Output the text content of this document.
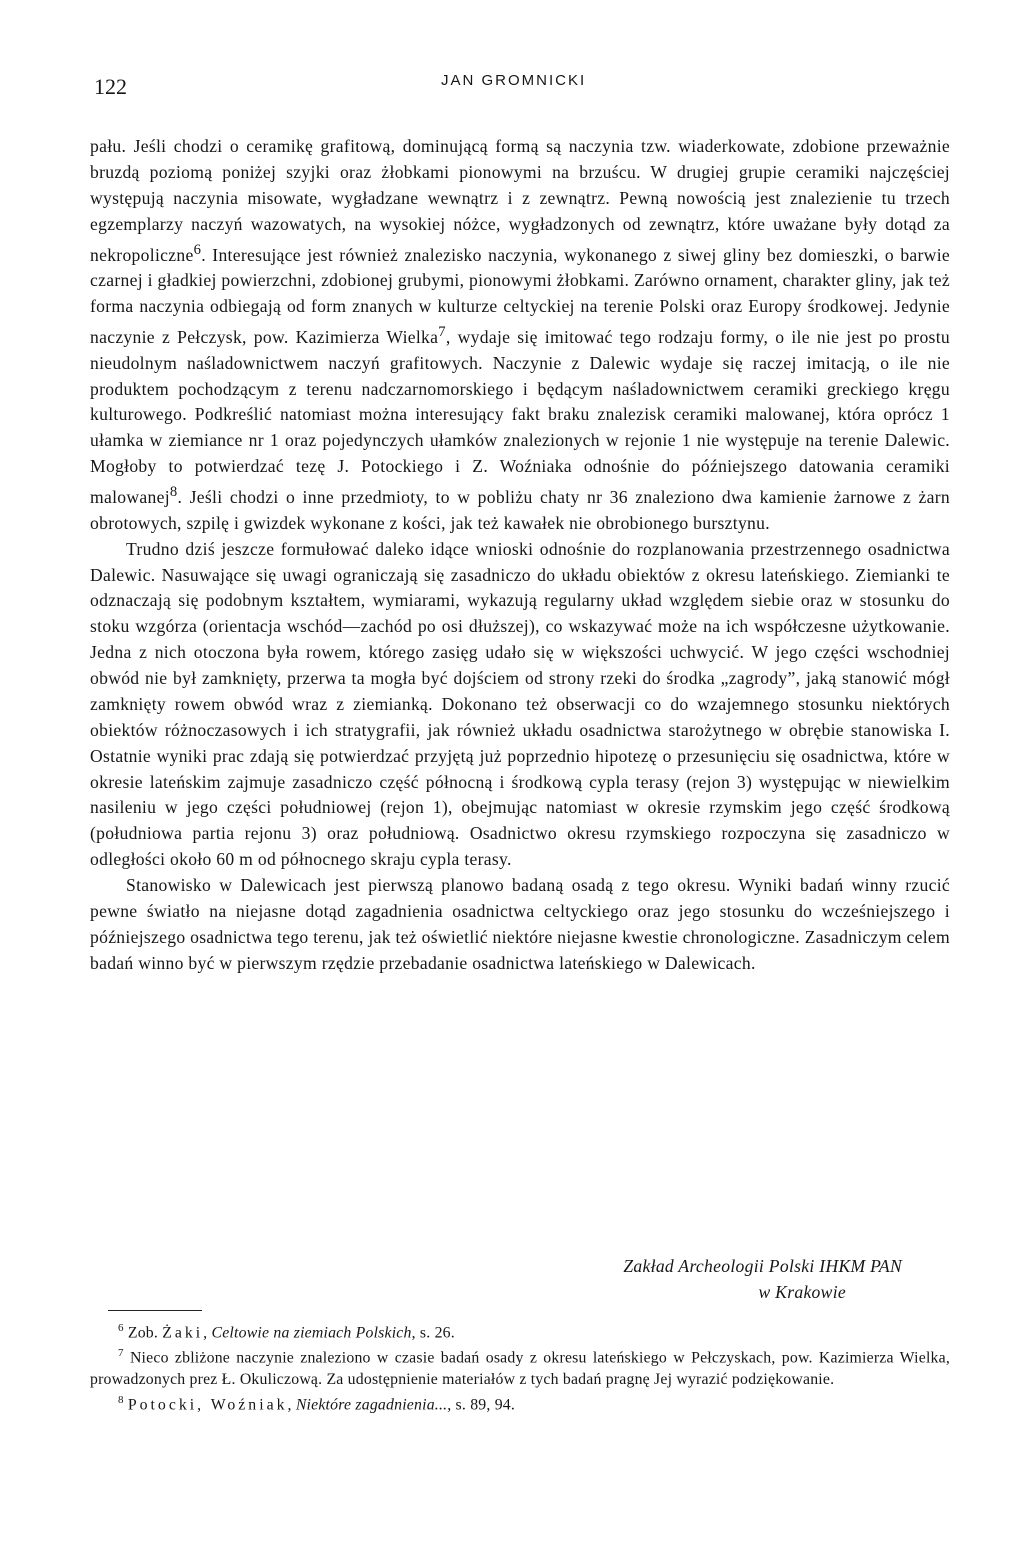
122	JAN GROMNICKI

pału. Jeśli chodzi o ceramikę grafitową, dominującą formą są naczynia tzw. wiaderkowate, zdobione przeważnie bruzdą poziomą poniżej szyjki oraz żłobkami pionowymi na brzuścu. W drugiej grupie ceramiki najczęściej występują naczynia misowate, wygładzane wewnątrz i z zewnątrz. Pewną nowością jest znalezienie tu trzech egzemplarzy naczyń wazowatych, na wysokiej nóżce, wygładzonych od zewnątrz, które uważane były dotąd za nekropoliczne$^6$. Interesujące jest również znalezisko naczynia, wykonanego z siwej gliny bez domieszki, o barwie czarnej i gładkiej powierzchni, zdobionej grubymi, pionowymi żłobkami. Zarówno ornament, charakter gliny, jak też forma naczynia odbiegają od form znanych w kulturze celtyckiej na terenie Polski oraz Europy środkowej. Jedynie naczynie z Pełczysk, pow. Kazimierza Wielka$^7$, wydaje się imitować tego rodzaju formy, o ile nie jest po prostu nieudolnym naśladownictwem naczyń grafitowych. Naczynie z Dalewic wydaje się raczej imitacją, o ile nie produktem pochodzącym z terenu nadczarnomorskiego i będącym naśladownictwem ceramiki greckiego kręgu kulturowego. Podkreślić natomiast można interesujący fakt braku znalezisk ceramiki malowanej, która oprócz 1 ułamka w ziemiance nr 1 oraz pojedynczych ułamków znalezionych w rejonie 1 nie występuje na terenie Dalewic. Mogłoby to potwierdzać tezę J. Potockiego i Z. Woźniaka odnośnie do późniejszego datowania ceramiki malowanej$^8$. Jeśli chodzi o inne przedmioty, to w pobliżu chaty nr 36 znaleziono dwa kamienie żarnowe z żarn obrotowych, szpilę i gwizdek wykonane z kości, jak też kawałek nie obrobionego bursztynu.

Trudno dziś jeszcze formułować daleko idące wnioski odnośnie do rozplanowania przestrzennego osadnictwa Dalewic. Nasuwające się uwagi ograniczają się zasadniczo do układu obiektów z okresu lateńskiego. Ziemianki te odznaczają się podobnym kształtem, wymiarami, wykazują regularny układ względem siebie oraz w stosunku do stoku wzgórza (orientacja wschód—zachód po osi dłuższej), co wskazywać może na ich współczesne użytkowanie. Jedna z nich otoczona była rowem, którego zasięg udało się w większości uchwycić. W jego części wschodniej obwód nie był zamknięty, przerwa ta mogła być dojściem od strony rzeki do środka „zagrody”, jaką stanowić mógł zamknięty rowem obwód wraz z ziemianką. Dokonano też obserwacji co do wzajemnego stosunku niektórych obiektów różnoczasowych i ich stratygrafii, jak również układu osadnictwa starożytnego w obrębie stanowiska I. Ostatnie wyniki prac zdają się potwierdzać przyjętą już poprzednio hipotezę o przesunięciu się osadnictwa, które w okresie lateńskim zajmuje zasadniczo część północną i środkową cypla terasy (rejon 3) występując w niewielkim nasileniu w jego części południowej (rejon 1), obejmując natomiast w okresie rzymskim jego część środkową (południowa partia rejonu 3) oraz południową. Osadnictwo okresu rzymskiego rozpoczyna się zasadniczo w odległości około 60 m od północnego skraju cypla terasy.

Stanowisko w Dalewicach jest pierwszą planowo badaną osadą z tego okresu. Wyniki badań winny rzucić pewne światło na niejasne dotąd zagadnienia osadnictwa celtyckiego oraz jego stosunku do wcześniejszego i późniejszego osadnictwa tego terenu, jak też oświetlić niektóre niejasne kwestie chronologiczne. Zasadniczym celem badań winno być w pierwszym rzędzie przebadanie osadnictwa lateńskiego w Dalewicach.

Zakład Archeologii Polski IHKM PAN
w Krakowie

$^6$ Zob. Żaki, Celtowie na ziemiach Polskich, s. 26.

$^7$ Nieco zbliżone naczynie znaleziono w czasie badań osady z okresu lateńskiego w Pełczyskach, pow. Kazimierza Wielka, prowadzonych prez Ł. Okuliczową. Za udostępnienie materiałów z tych badań pragnę Jej wyrazić podziękowanie.

$^8$ Potocki, Woźniak, Niektóre zagadnienia..., s. 89, 94.
